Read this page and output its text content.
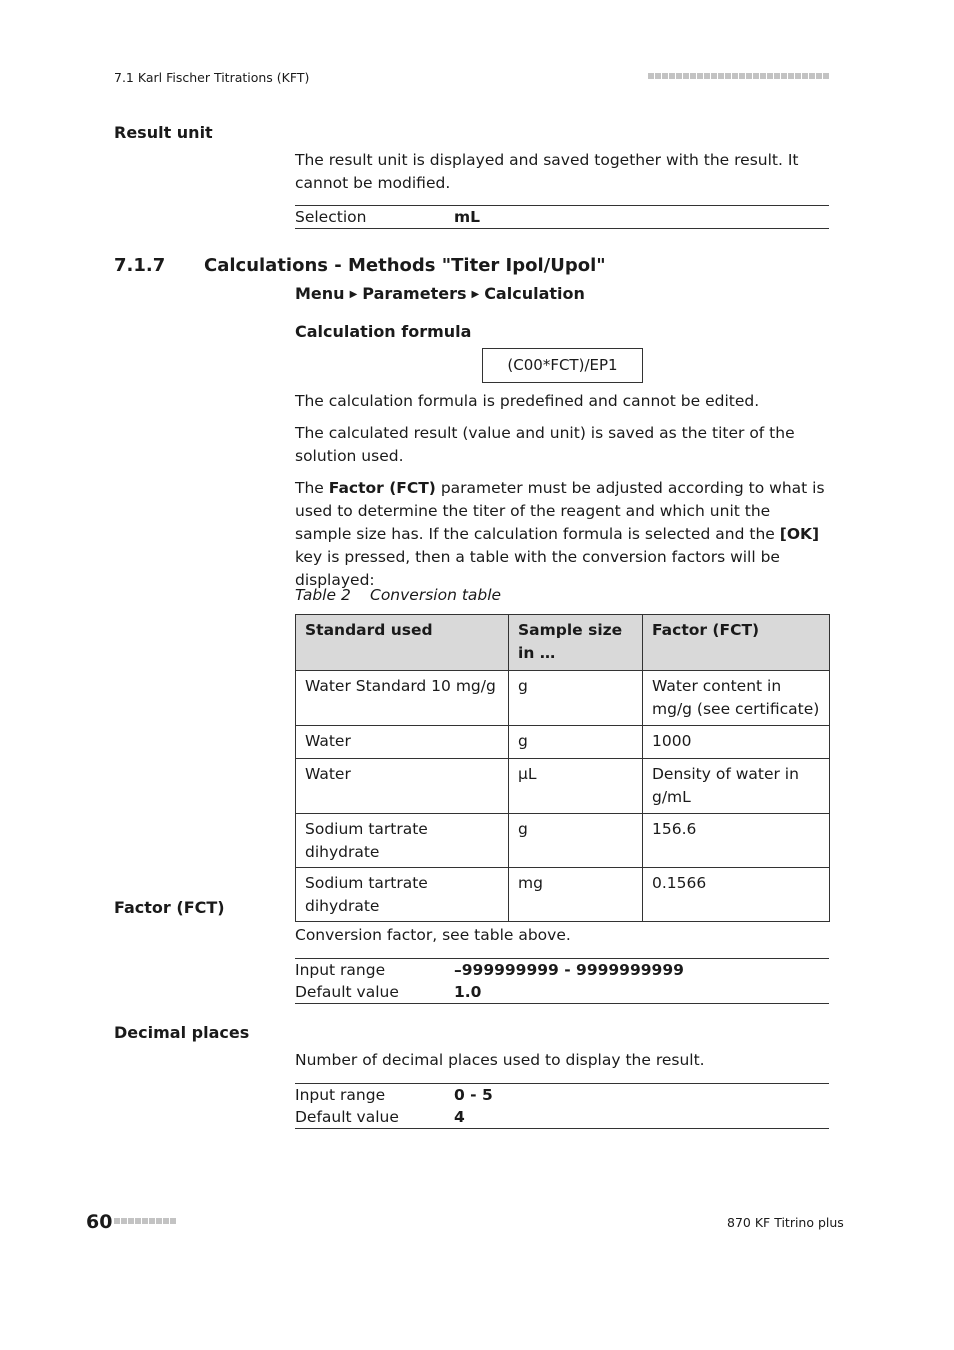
7.1 Karl Fischer Titrations (KFT)
Result unit
The result unit is displayed and saved together with the result. It cannot be modified.
Selection	mL
7.1.7 Calculations - Methods "Titer Ipol/Upol"
Menu ▶ Parameters ▶ Calculation
Calculation formula
(C00*FCT)/EP1
The calculation formula is predefined and cannot be edited.
The calculated result (value and unit) is saved as the titer of the solution used.
The Factor (FCT) parameter must be adjusted according to what is used to determine the titer of the reagent and which unit the sample size has. If the calculation formula is selected and the [OK] key is pressed, then a table with the conversion factors will be displayed:
Table 2 Conversion table
Standard used	Sample size in …	Factor (FCT)
Water Standard 10 mg/g	g	Water content in mg/g (see certificate)
Water	g	1000
Water	μL	Density of water in g/mL
Sodium tartrate dihydrate	g	156.6
Sodium tartrate dihydrate	mg	0.1566
Factor (FCT)
Conversion factor, see table above.
Input range	–999999999 - 9999999999
Default value	1.0
Decimal places
Number of decimal places used to display the result.
Input range	0 - 5
Default value	4
60	870 KF Titrino plus
